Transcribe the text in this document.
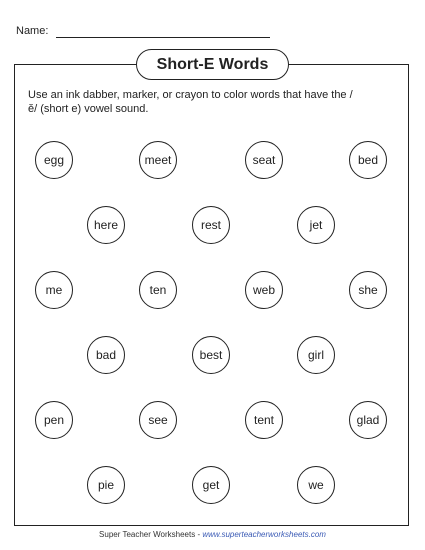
Name:
Short-E Words
Use an ink dabber, marker, or crayon to color words that have the /ĕ/ (short e) vowel sound.
egg	meet	seat	bed
here	rest	jet
me	ten	web	she
bad	best	girl
pen	see	tent	glad
pie	get	we
Super Teacher Worksheets - www.superteacherworksheets.com
